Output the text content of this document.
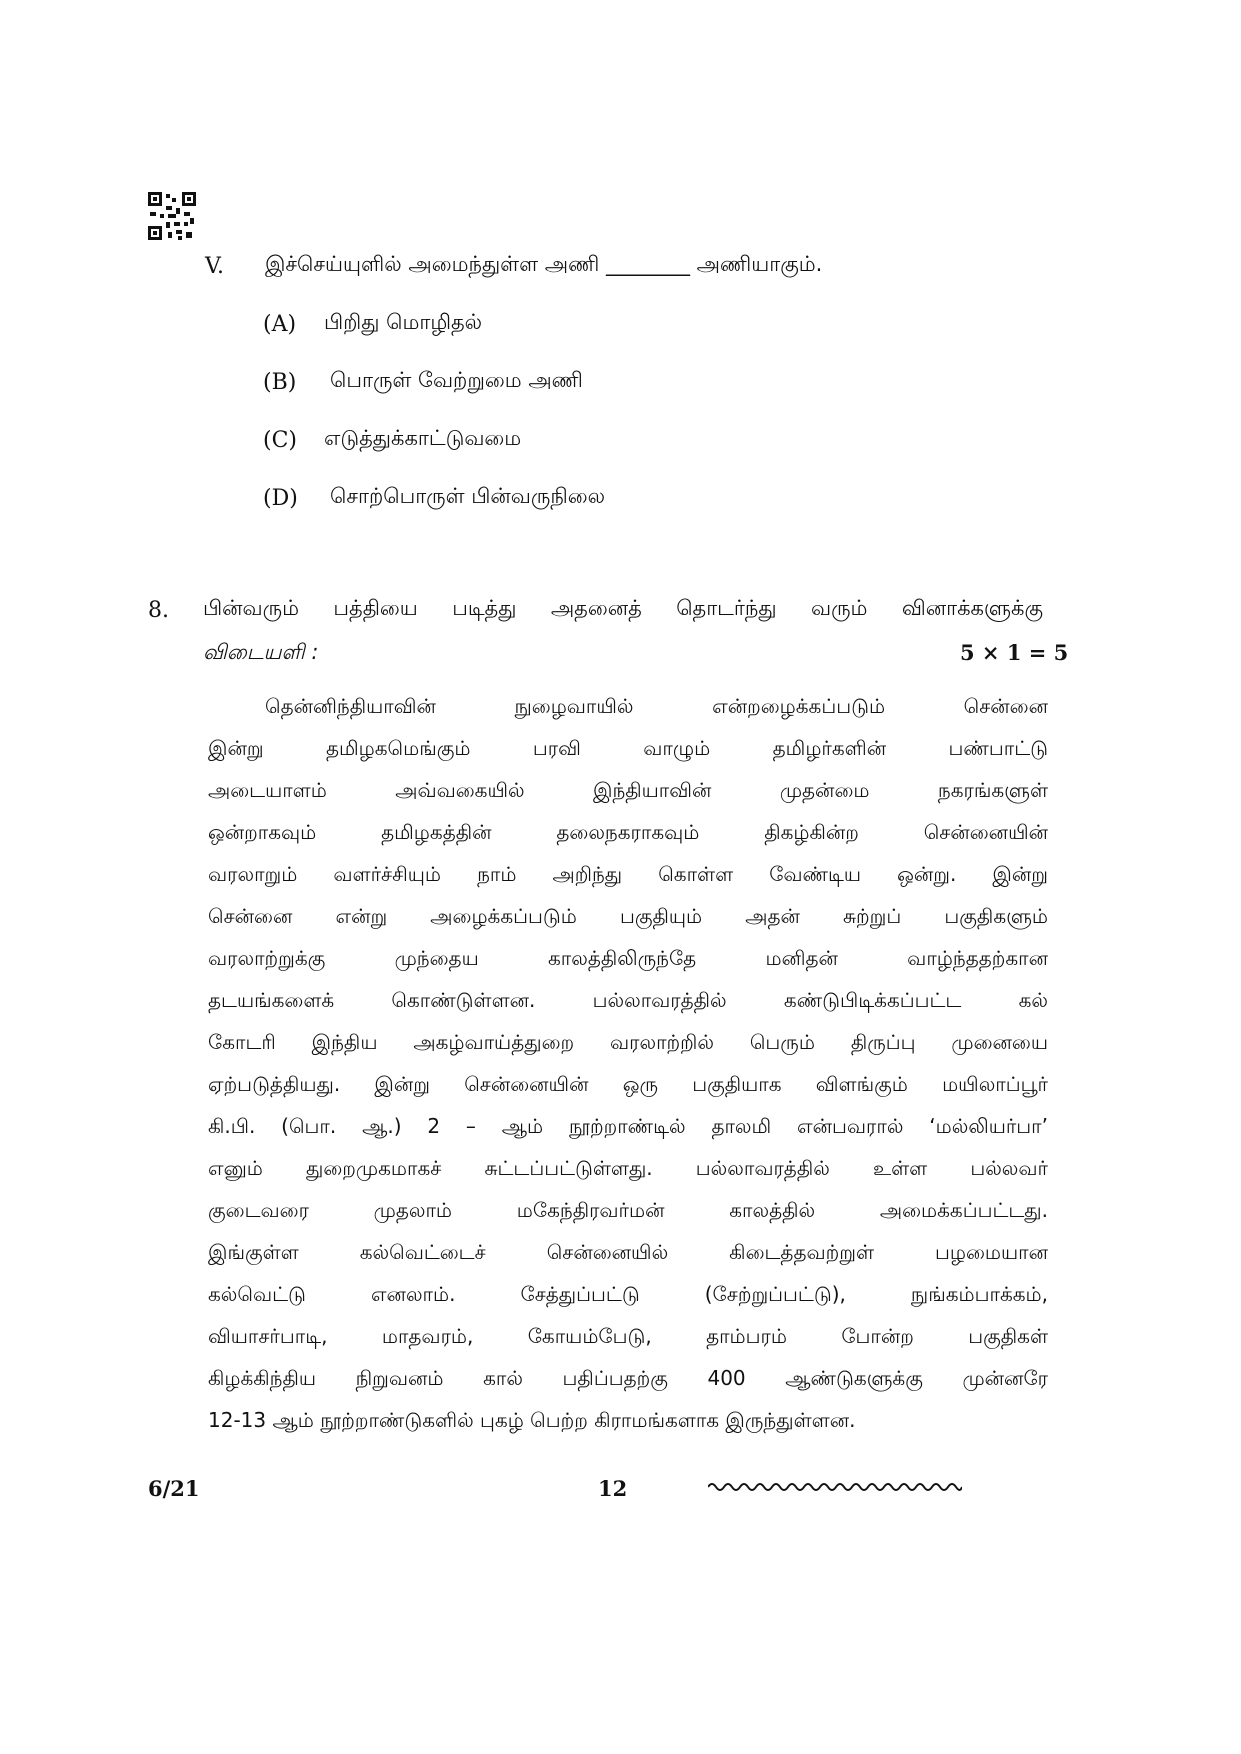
V. இச்செய்யுளில் அமைந்துள்ள அணி ________ அணியாகும்.
(A) பிறிது மொழிதல்
(B) பொருள் வேற்றுமை அணி
(C) எடுத்துக்காட்டுவமை
(D) சொற்பொருள் பின்வருநிலை
8. பின்வரும் பத்தியை படித்து அதனைத் தொடர்ந்து வரும் வினாக்களுக்கு
விடையளி :	5 × 1 = 5
தென்னிந்தியாவின் நுழைவாயில் என்றழைக்கப்படும் சென்னை
இன்று தமிழகமெங்கும் பரவி வாழும் தமிழர்களின் பண்பாட்டு
அடையாளம் அவ்வகையில் இந்தியாவின் முதன்மை நகரங்களுள்
ஒன்றாகவும் தமிழகத்தின் தலைநகராகவும் திகழ்கின்ற சென்னையின்
வரலாறும் வளர்ச்சியும் நாம் அறிந்து கொள்ள வேண்டிய ஒன்று. இன்று
சென்னை என்று அழைக்கப்படும் பகுதியும் அதன் சுற்றுப் பகுதிகளும்
வரலாற்றுக்கு முந்தைய காலத்திலிருந்தே மனிதன் வாழ்ந்ததற்கான
தடயங்களைக் கொண்டுள்ளன. பல்லாவரத்தில் கண்டுபிடிக்கப்பட்ட கல்
கோடரி இந்திய அகழ்வாய்த்துறை வரலாற்றில் பெரும் திருப்பு முனையை
ஏற்படுத்தியது. இன்று சென்னையின் ஒரு பகுதியாக விளங்கும் மயிலாப்பூர்
கி.பி. (பொ. ஆ.) 2 – ஆம் நூற்றாண்டில் தாலமி என்பவரால் ‘மல்லியர்பா’
எனும் துறைமுகமாகச் சுட்டப்பட்டுள்ளது. பல்லாவரத்தில் உள்ள பல்லவர்
குடைவரை முதலாம் மகேந்திரவர்மன் காலத்தில் அமைக்கப்பட்டது.
இங்குள்ள கல்வெட்டைச் சென்னையில் கிடைத்தவற்றுள் பழமையான
கல்வெட்டு எனலாம். சேத்துப்பட்டு (சேற்றுப்பட்டு), நுங்கம்பாக்கம்,
வியாசர்பாடி, மாதவரம், கோயம்பேடு, தாம்பரம் போன்ற பகுதிகள்
கிழக்கிந்திய நிறுவனம் கால் பதிப்பதற்கு 400 ஆண்டுகளுக்கு முன்னரே
12-13 ஆம் நூற்றாண்டுகளில் புகழ் பெற்ற கிராமங்களாக இருந்துள்ளன.
6/21	12
